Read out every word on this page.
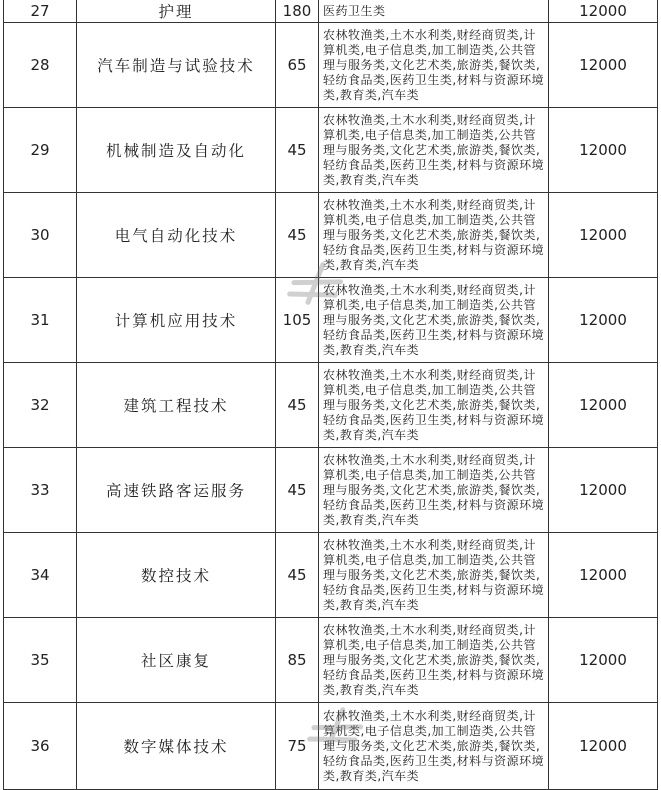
27	护理	180	医药卫生类	12000
28	汽车制造与试验技术	65	农林牧渔类,土木水利类,财经商贸类,计算机类,电子信息类,加工制造类,公共管理与服务类,文化艺术类,旅游类,餐饮类,轻纺食品类,医药卫生类,材料与资源环境类,教育类,汽车类	12000
29	机械制造及自动化	45	农林牧渔类,土木水利类,财经商贸类,计算机类,电子信息类,加工制造类,公共管理与服务类,文化艺术类,旅游类,餐饮类,轻纺食品类,医药卫生类,材料与资源环境类,教育类,汽车类	12000
30	电气自动化技术	45	农林牧渔类,土木水利类,财经商贸类,计算机类,电子信息类,加工制造类,公共管理与服务类,文化艺术类,旅游类,餐饮类,轻纺食品类,医药卫生类,材料与资源环境类,教育类,汽车类	12000
31	计算机应用技术	105	农林牧渔类,土木水利类,财经商贸类,计算机类,电子信息类,加工制造类,公共管理与服务类,文化艺术类,旅游类,餐饮类,轻纺食品类,医药卫生类,材料与资源环境类,教育类,汽车类	12000
32	建筑工程技术	45	农林牧渔类,土木水利类,财经商贸类,计算机类,电子信息类,加工制造类,公共管理与服务类,文化艺术类,旅游类,餐饮类,轻纺食品类,医药卫生类,材料与资源环境类,教育类,汽车类	12000
33	高速铁路客运服务	45	农林牧渔类,土木水利类,财经商贸类,计算机类,电子信息类,加工制造类,公共管理与服务类,文化艺术类,旅游类,餐饮类,轻纺食品类,医药卫生类,材料与资源环境类,教育类,汽车类	12000
34	数控技术	45	农林牧渔类,土木水利类,财经商贸类,计算机类,电子信息类,加工制造类,公共管理与服务类,文化艺术类,旅游类,餐饮类,轻纺食品类,医药卫生类,材料与资源环境类,教育类,汽车类	12000
35	社区康复	85	农林牧渔类,土木水利类,财经商贸类,计算机类,电子信息类,加工制造类,公共管理与服务类,文化艺术类,旅游类,餐饮类,轻纺食品类,医药卫生类,材料与资源环境类,教育类,汽车类	12000
36	数字媒体技术	75	农林牧渔类,土木水利类,财经商贸类,计算机类,电子信息类,加工制造类,公共管理与服务类,文化艺术类,旅游类,餐饮类,轻纺食品类,医药卫生类,材料与资源环境类,教育类,汽车类	12000
